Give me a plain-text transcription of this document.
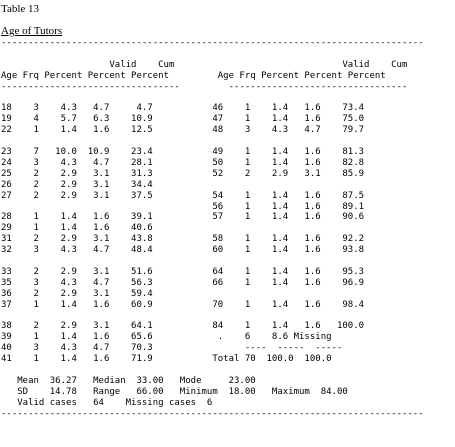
Table 13
Age of Tutors
------------------------------------------------------------------------------
Valid    Cum                               Valid    Cum
Age Frq Percent Percent Percent         Age Frq Percent Percent Percent
---------------------------------         ---------------------------------
18    3    4.3   4.7     4.7           46    1    1.4   1.6    73.4
19    4    5.7   6.3    10.9           47    1    1.4   1.6    75.0
22    1    1.4   1.6    12.5           48    3    4.3   4.7    79.7
23    7   10.0  10.9    23.4           49    1    1.4   1.6    81.3
24    3    4.3   4.7    28.1           50    1    1.4   1.6    82.8
25    2    2.9   3.1    31.3           52    2    2.9   3.1    85.9
26    2    2.9   3.1    34.4
27    2    2.9   3.1    37.5           54    1    1.4   1.6    87.5
56    1    1.4   1.6    89.1
28    1    1.4   1.6    39.1           57    1    1.4   1.6    90.6
29    1    1.4   1.6    40.6
31    2    2.9   3.1    43.8           58    1    1.4   1.6    92.2
32    3    4.3   4.7    48.4           60    1    1.4   1.6    93.8
33    2    2.9   3.1    51.6           64    1    1.4   1.6    95.3
35    3    4.3   4.7    56.3           66    1    1.4   1.6    96.9
36    2    2.9   3.1    59.4
37    1    1.4   1.6    60.9           70    1    1.4   1.6    98.4
38    2    2.9   3.1    64.1           84    1    1.4   1.6   100.0
39    1    1.4   1.6    65.6            .    6    8.6 Missing
40    3    4.3   4.7    70.3                 ----  -----  -----
41    1    1.4   1.6    71.9           Total 70  100.0  100.0
Mean  36.27   Median  33.00   Mode     23.00
SD    14.78   Range   66.00   Minimum  18.00   Maximum  84.00
Valid cases   64    Missing cases  6
------------------------------------------------------------------------------
